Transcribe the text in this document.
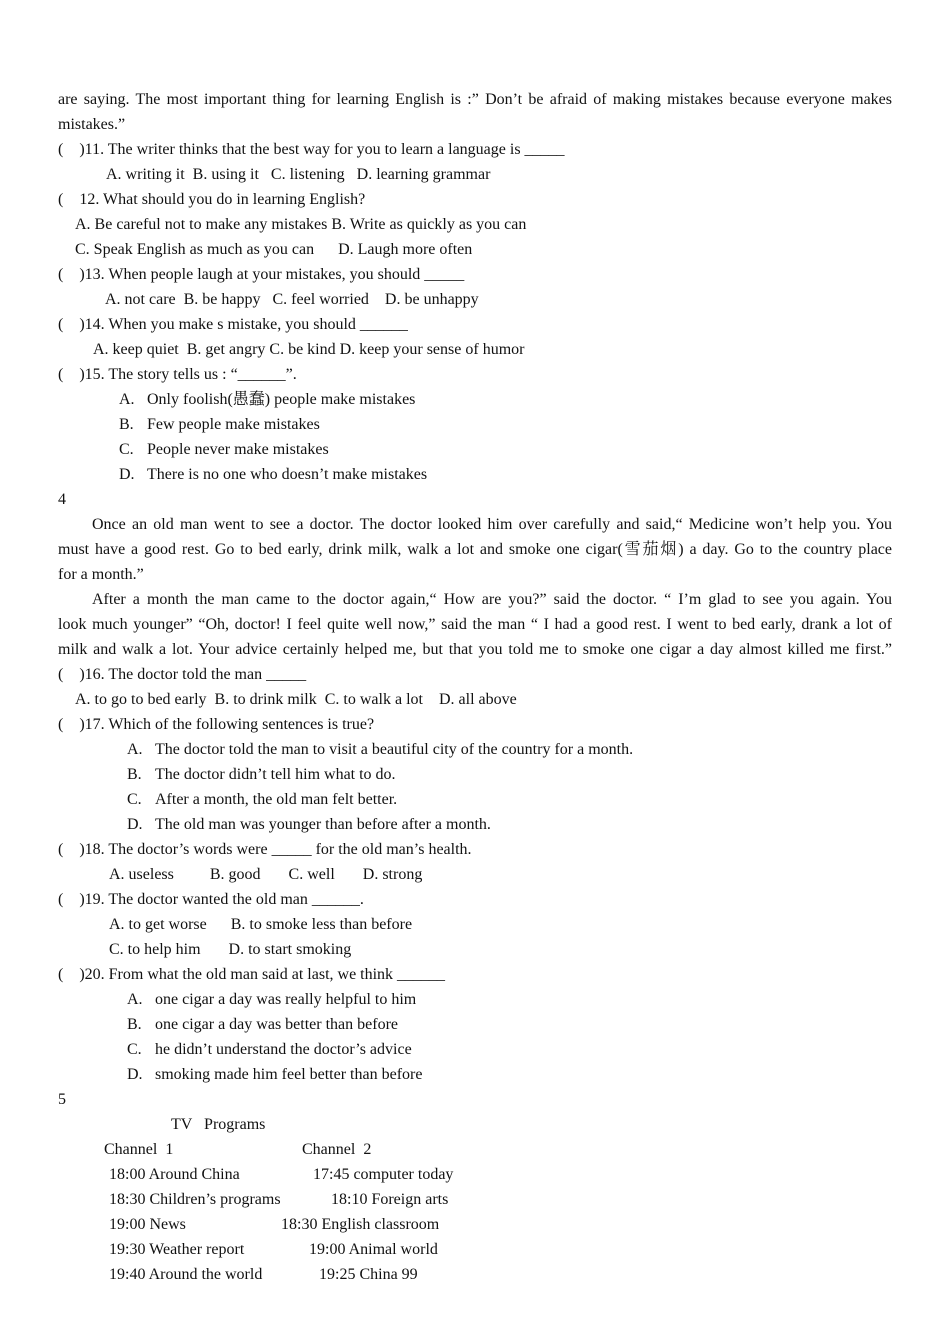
are saying. The most important thing for learning English is :” Don’t be afraid of making mistakes because everyone makes
mistakes.”
(    )11. The writer thinks that the best way for you to learn a language is _____
A. writing it  B. using it   C. listening   D. learning grammar
(    12. What should you do in learning English?
A. Be careful not to make any mistakes B. Write as quickly as you can
C. Speak English as much as you can      D. Laugh more often
(    )13. When people laugh at your mistakes, you should _____
A. not care  B. be happy   C. feel worried    D. be unhappy
(    )14. When you make s mistake, you should ______
A. keep quiet  B. get angry C. be kind D. keep your sense of humor
(    )15. The story tells us : “______”.
A. Only foolish(愚蠢) people make mistakes
B. Few people make mistakes
C. People never make mistakes
D. There is no one who doesn’t make mistakes
4
Once an old man went to see a doctor. The doctor looked him over carefully and said,“ Medicine won’t help you. You
must have a good rest. Go to bed early, drink milk, walk a lot and smoke one cigar(雪茄烟) a day. Go to the country place
for a month.”
After a month the man came to the doctor again,“ How are you?” said the doctor. “ I’m glad to see you again. You
look much younger” “Oh, doctor! I feel quite well now,” said the man “ I had a good rest. I went to bed early, drank a lot of
milk and walk a lot. Your advice certainly helped me, but that you told me to smoke one cigar a day almost killed me first.”
(    )16. The doctor told the man _____
A. to go to bed early  B. to drink milk  C. to walk a lot    D. all above
(    )17. Which of the following sentences is true?
A. The doctor told the man to visit a beautiful city of the country for a month.
B. The doctor didn’t tell him what to do.
C. After a month, the old man felt better.
D. The old man was younger than before after a month.
(    )18. The doctor’s words were _____ for the old man’s health.
A. useless         B. good       C. well       D. strong
(    )19. The doctor wanted the old man ______.
A. to get worse      B. to smoke less than before
C. to help him       D. to start smoking
(    )20. From what the old man said at last, we think ______
A. one cigar a day was really helpful to him
B. one cigar a day was better than before
C. he didn’t understand the doctor’s advice
D. smoking made him feel better than before
5
TV   Programs
Channel  1	Channel  2
18:00 Around China	17:45 computer today
18:30 Children’s programs	18:10 Foreign arts
19:00 News	18:30 English classroom
19:30 Weather report	19:00 Animal world
19:40 Around the world	19:25 China 99
